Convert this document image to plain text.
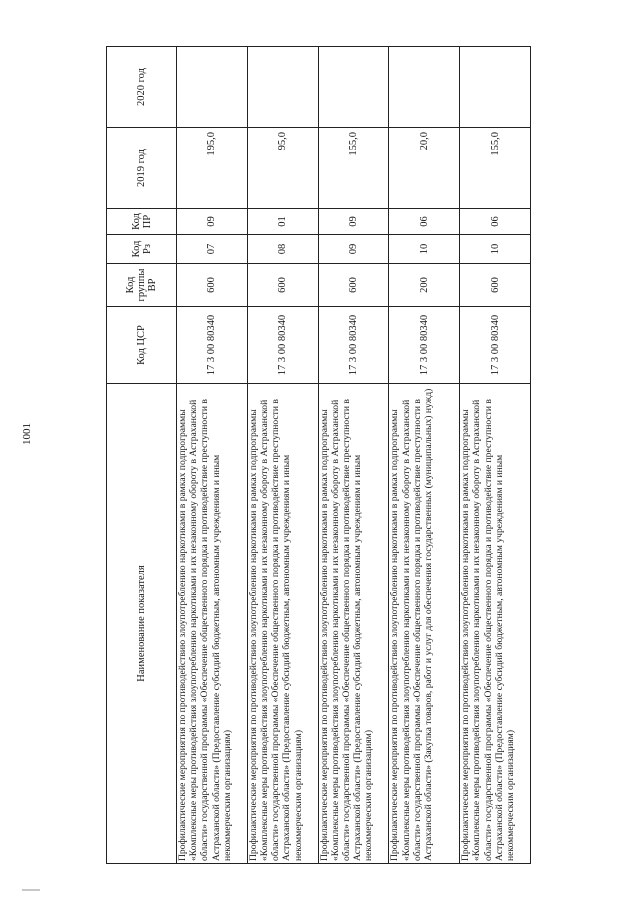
1001
Наименование показателя	Код ЦСР	Код группы ВР	Код Рз	Код ПР	2019 год	2020 год
Профилактические мероприятия по противодействию злоупотреблению наркотиками в рамках подпрограммы «Комплексные меры противодействия злоупотреблению наркотиками и их незаконному обороту в Астраханской области» государственной программы «Обеспечение общественного порядка и противодействие преступности в Астраханской области» (Предоставление субсидий бюджетным, автономным учреждениям и иным некоммерческим организациям)	17 3 00 80340	600	07	09	195,0	
Профилактические мероприятия по противодействию злоупотреблению наркотиками в рамках подпрограммы «Комплексные меры противодействия злоупотреблению наркотиками и их незаконному обороту в Астраханской области» государственной программы «Обеспечение общественного порядка и противодействие преступности в Астраханской области» (Предоставление субсидий бюджетным, автономным учреждениям и иным некоммерческим организациям)	17 3 00 80340	600	08	01	95,0	
Профилактические мероприятия по противодействию злоупотреблению наркотиками в рамках подпрограммы «Комплексные меры противодействия злоупотреблению наркотиками и их незаконному обороту в Астраханской области» государственной программы «Обеспечение общественного порядка и противодействие преступности в Астраханской области» (Предоставление субсидий бюджетным, автономным учреждениям и иным некоммерческим организациям)	17 3 00 80340	600	09	09	155,0	
Профилактические мероприятия по противодействию злоупотреблению наркотиками в рамках подпрограммы «Комплексные меры противодействия злоупотреблению наркотиками и их незаконному обороту в Астраханской области» государственной программы «Обеспечение общественного порядка и противодействие преступности в Астраханской области» (Закупка товаров, работ и услуг для обеспечения государственных (муниципальных) нужд)	17 3 00 80340	200	10	06	20,0	
Профилактические мероприятия по противодействию злоупотреблению наркотиками в рамках подпрограммы «Комплексные меры противодействия злоупотреблению наркотиками и их незаконному обороту в Астраханской области» государственной программы «Обеспечение общественного порядка и противодействие преступности в Астраханской области» (Предоставление субсидий бюджетным, автономным учреждениям и иным некоммерческим организациям)	17 3 00 80340	600	10	06	155,0	
